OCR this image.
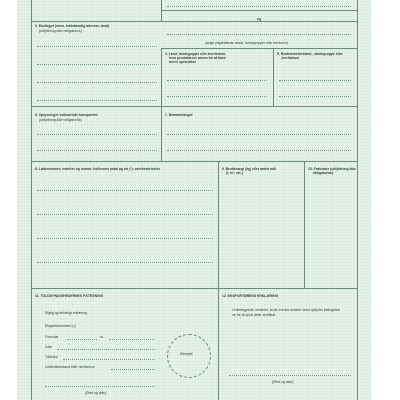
og
(angiv pågældende lande, landegrupper eller territorier)
3. Modtager (navn, fuldstændig adresse, land)
(udfyldning ikke obligatorisk)
4. Land, landegruppe eller territorium,
hvor produkterne anses for at have
deres oprindelse
5. Bestemmelsesland, -landegruppe eller
-territorium
6. Oplysninger vedrørende transporten
(udfyldning ikke obligatorisk)
7. Bemærkninger
8. Løbenummer; mærker og numre; kolliernes antal og art (¹); varebeskrivelse	9. Bruttovægt (kg) eller andet mål
(l, m³, etc.)
10. Fakturaer (udfyldning ikke
obligatorisk)
11. TOLDMYNDIGHEDERNES PÅTEGNING
Rigtig og behørigt erklæring
Eksportdokument (²)
Formular	nr.
Dato
Toldsted
Udstedelsesland eller -territorium
(Sted og dato)
Stempel
12. EKSPORTØRENS ERKLÆRING
Undertegnede, erklærer, at de ovenfor anførte varer opfylder betingelser
ne for at opnå dette certifikat.
(Sted og dato)
